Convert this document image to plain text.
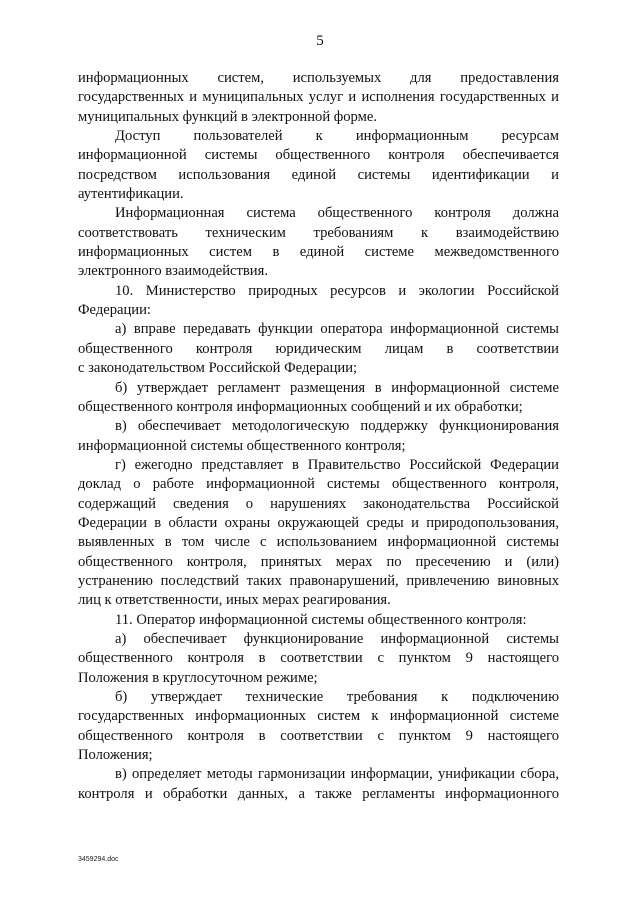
5
информационных систем, используемых для предоставления
государственных и муниципальных услуг и исполнения государственных и
муниципальных функций в электронной форме.
Доступ пользователей к информационным ресурсам
информационной системы общественного контроля обеспечивается
посредством использования единой системы идентификации и
аутентификации.
Информационная система общественного контроля должна
соответствовать техническим требованиям к взаимодействию
информационных систем в единой системе межведомственного
электронного взаимодействия.
10. Министерство природных ресурсов и экологии Российской
Федерации:
а) вправе передавать функции оператора информационной системы
общественного контроля юридическим лицам в соответствии
с законодательством Российской Федерации;
б) утверждает регламент размещения в информационной системе
общественного контроля информационных сообщений и их обработки;
в) обеспечивает методологическую поддержку функционирования
информационной системы общественного контроля;
г) ежегодно представляет в Правительство Российской Федерации
доклад о работе информационной системы общественного контроля,
содержащий сведения о нарушениях законодательства Российской
Федерации в области охраны окружающей среды и природопользования,
выявленных в том числе с использованием информационной системы
общественного контроля, принятых мерах по пресечению и (или)
устранению последствий таких правонарушений, привлечению виновных
лиц к ответственности, иных мерах реагирования.
11. Оператор информационной системы общественного контроля:
а) обеспечивает функционирование информационной системы
общественного контроля в соответствии с пунктом 9 настоящего
Положения в круглосуточном режиме;
б) утверждает технические требования к подключению
государственных информационных систем к информационной системе
общественного контроля в соответствии с пунктом 9 настоящего
Положения;
в) определяет методы гармонизации информации, унификации сбора,
контроля и обработки данных, а также регламенты информационного
3459294.doc
